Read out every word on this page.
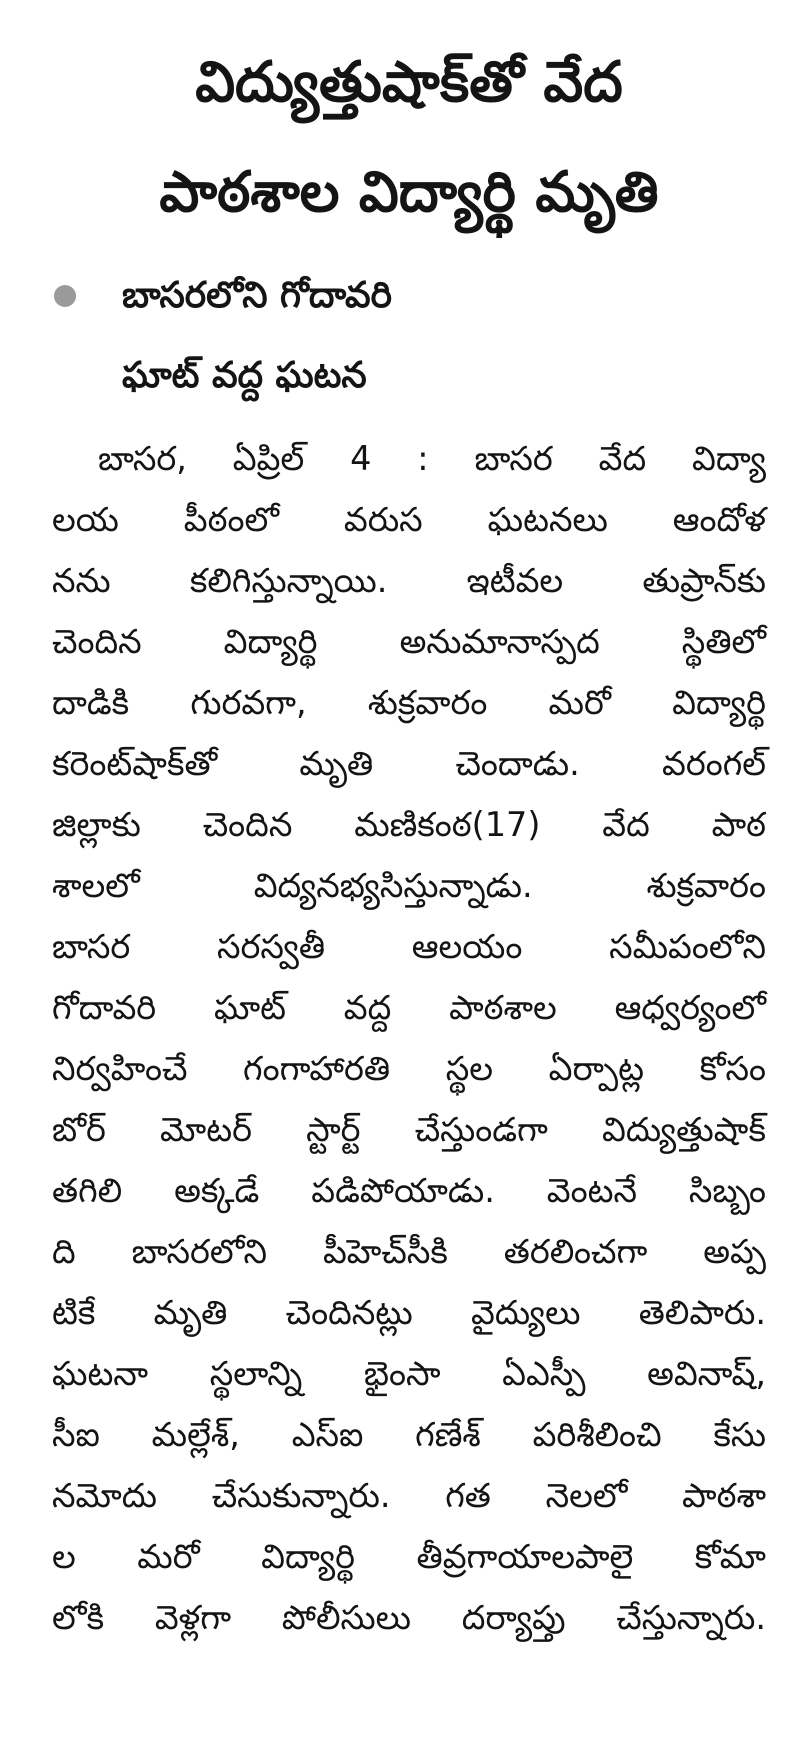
విద్యుత్తుషాక్‌తో వేద
పాఠశాల విద్యార్థి మృతి
బాసరలోని గోదావరి
ఘాట్ వద్ద ఘటన
బాసర, ఏప్రిల్ 4 : బాసర వేద విద్యా
లయ పీఠంలో వరుస ఘటనలు ఆందోళ
నను కలిగిస్తున్నాయి. ఇటీవల తుప్రాన్‌కు
చెందిన విద్యార్థి అనుమానాస్పద స్థితిలో
దాడికి గురవగా, శుక్రవారం మరో విద్యార్థి
కరెంట్‌షాక్‌తో మృతి చెందాడు. వరంగల్
జిల్లాకు చెందిన మణికంఠ(17) వేద పాఠ
శాలలో విద్యనభ్యసిస్తున్నాడు. శుక్రవారం
బాసర సరస్వతీ ఆలయం సమీపంలోని
గోదావరి ఘాట్ వద్ద పాఠశాల ఆధ్వర్యంలో
నిర్వహించే గంగాహారతి స్థల ఏర్పాట్ల కోసం
బోర్ మోటర్ స్టార్ట్ చేస్తుండగా విద్యుత్తుషాక్
తగిలి అక్కడే పడిపోయాడు. వెంటనే సిబ్బం
ది బాసరలోని పీహెచ్‌సీకి తరలించగా అప్ప
టికే మృతి చెందినట్లు వైద్యులు తెలిపారు.
ఘటనా స్థలాన్ని భైంసా ఏఎస్పీ అవినాష్,
సీఐ మల్లేశ్, ఎస్ఐ గణేశ్ పరిశీలించి కేసు
నమోదు చేసుకున్నారు. గత నెలలో పాఠశా
ల మరో విద్యార్థి తీవ్రగాయాలపాలై కోమా
లోకి వెళ్లగా పోలీసులు దర్యాప్తు చేస్తున్నారు.
